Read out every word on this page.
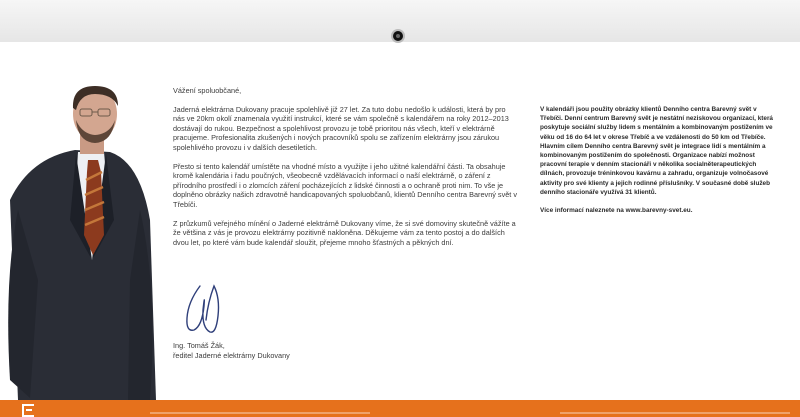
Vážení spoluobčané,

Jaderná elektrárna Dukovany pracuje spolehlivě již 27 let. Za tuto dobu nedošlo k události, která by pro nás ve 20km okolí znamenala využití instrukcí, které se vám společně s kalendářem na roky 2012–2013 dostávají do rukou. Bezpečnost a spolehlivost provozu je tobě prioritou nás všech, kteří v elektrárně pracujeme. Profesionalita zkušených i nových pracovníků spolu se zařízením elektrárny jsou zárukou spolehlivého provozu i v dalších desetiletích.

Přesto si tento kalendář umístěte na vhodné místo a využijte i jeho užitné kalendářní části. Ta obsahuje kromě kalendária i řadu poučných, všeobecně vzdělávacích informací o naší elektrárně, o záření z přírodního prostředí i o zlomcích záření pocházejících z lidské činnosti a o ochraně proti nim. To vše je doplněno obrázky našich zdravotně handicapovaných spoluobčanů, klientů Denního centra Barevný svět v Třebíči.

Z průzkumů veřejného mínění o Jaderné elektrárně Dukovany víme, že si své domoviny skutečně vážíte a že většina z vás je provozu elektrárny pozitivně nakloněna. Děkujeme vám za tento postoj a do dalších dvou let, po které vám bude kalendář sloužit, přejeme mnoho šťastných a pěkných dní.

Ing. Tomáš Žák,
ředitel Jaderné elektrárny Dukovany

V kalendáři jsou použity obrázky klientů Denního centra Barevný svět v Třebíči. Denní centrum Barevný svět je nestátní neziskovou organizací, která poskytuje sociální služby lidem s mentálním a kombinovaným postižením ve věku od 16 do 64 let v okrese Třebíč a ve vzdálenosti do 50 km od Třebíče. Hlavním cílem Denního centra Barevný svět je integrace lidí s mentálním a kombinovaným postižením do společnosti. Organizace nabízí možnost pracovní terapie v denním stacionáři v několika socialněterapeutických dílnách, provozuje tréninkovou kavárnu a zahradu, organizuje volnočasové aktivity pro své klienty a jejich rodinné příslušníky. V současné době služeb denního stacionáře využívá 31 klientů.

Více informací naleznete na www.barevny-svet.eu.
